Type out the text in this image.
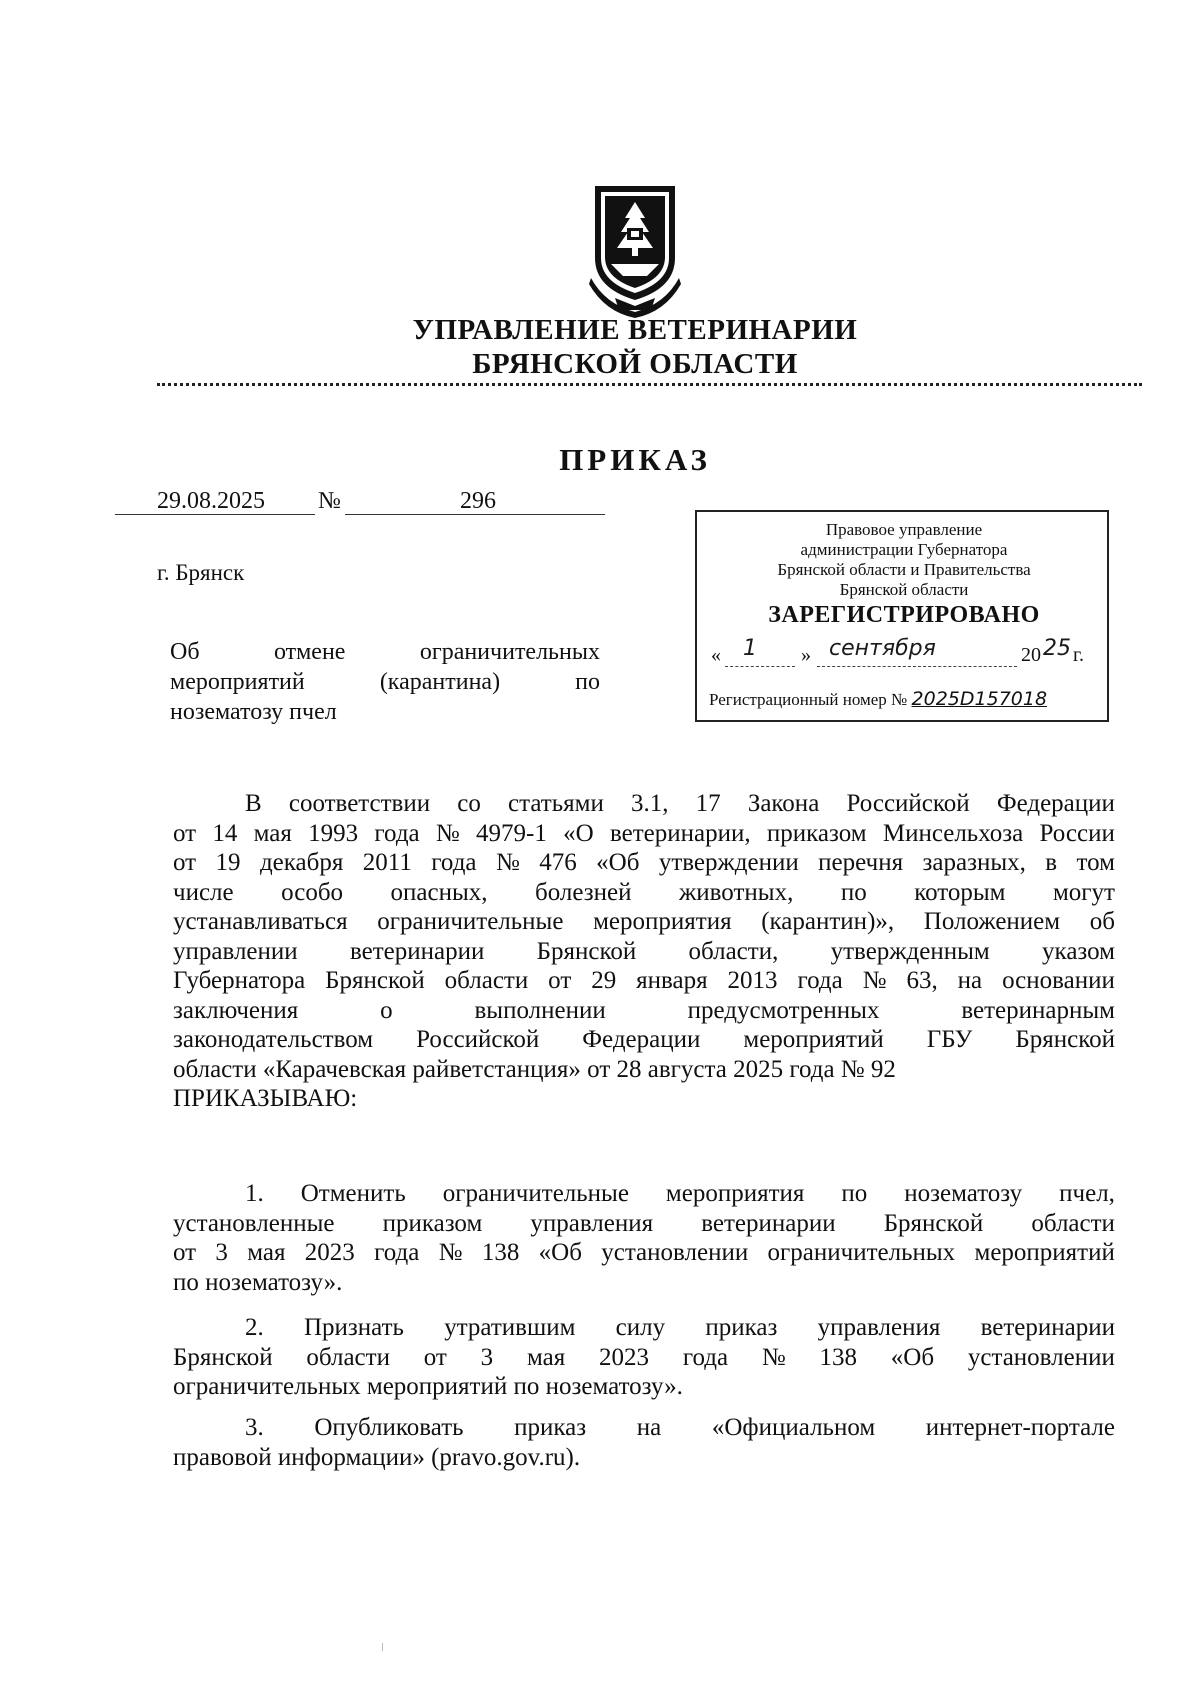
УПРАВЛЕНИЕ ВЕТЕРИНАРИИ
БРЯНСКОЙ ОБЛАСТИ
ПРИКАЗ
29.08.2025 №	296
г. Брянск
Об	отмене	ограничительных
мероприятий	(карантина)	по
нозематозу пчел
Правовое управление
администрации Губернатора
Брянской области и Правительства
Брянской области
ЗАРЕГИСТРИРОВАНО
« 1 » сентября	20 25 г.
Регистрационный номер № 2025D157018
В соответствии со статьями 3.1, 17 Закона Российской Федерации
от 14 мая 1993 года № 4979-1 «О ветеринарии, приказом Минсельхоза России
от 19 декабря 2011 года № 476 «Об утверждении перечня заразных, в том
числе особо опасных, болезней животных, по которым могут
устанавливаться ограничительные мероприятия (карантин)», Положением об
управлении ветеринарии Брянской области, утвержденным указом
Губернатора Брянской области от 29 января 2013 года № 63, на основании
заключения	о	выполнении	предусмотренных	ветеринарным
законодательством Российской Федерации мероприятий ГБУ Брянской
области «Карачевская райветстанция» от 28 августа 2025 года № 92
ПРИКАЗЫВАЮ:
1. Отменить ограничительные мероприятия по нозематозу пчел,
установленные приказом управления ветеринарии Брянской области
от 3 мая 2023 года № 138 «Об установлении ограничительных мероприятий
по нозематозу».
2. Признать утратившим силу приказ управления ветеринарии
Брянской области от 3 мая 2023 года № 138 «Об установлении
ограничительных мероприятий по нозематозу».
3. Опубликовать приказ на «Официальном интернет-портале
правовой информации» (pravo.gov.ru).
